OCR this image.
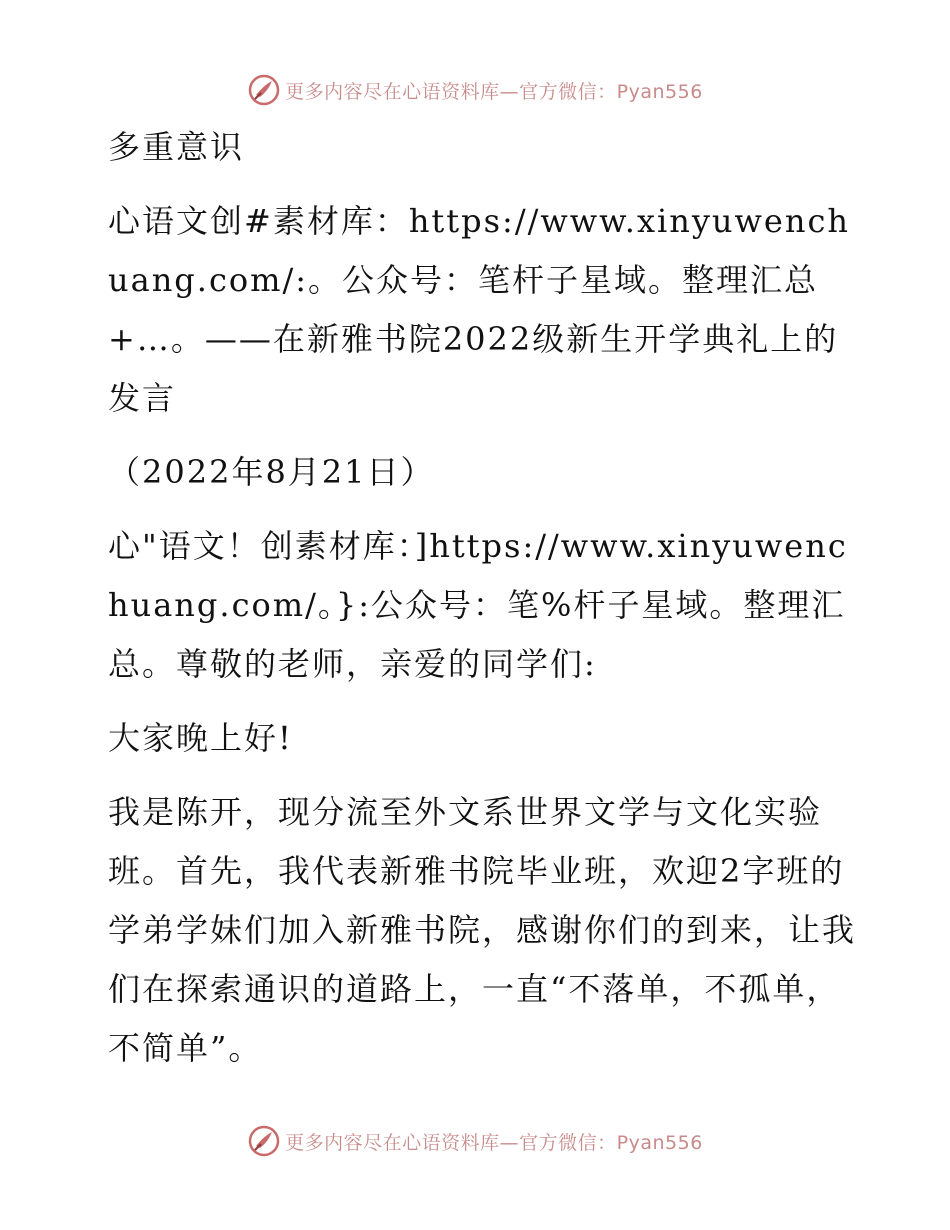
更多内容尽在心语资料库—官方微信：Pyan556

多重意识

心语文创#素材库：https://www.xinyuwenchuang.com/:。公众号：笔杆子星域。整理汇总+…。——在新雅书院2022级新生开学典礼上的发言

（2022年8月21日）

心"语文！创素材库：]https://www.xinyuwenchuang.com/。}:公众号：笔%杆子星域。整理汇总。尊敬的老师，亲爱的同学们:

大家晚上好!

我是陈开，现分流至外文系世界文学与文化实验班。首先，我代表新雅书院毕业班，欢迎2字班的学弟学妹们加入新雅书院，感谢你们的到来，让我们在探索通识的道路上，一直“不落单，不孤单，不简单”。

更多内容尽在心语资料库—官方微信：Pyan556
